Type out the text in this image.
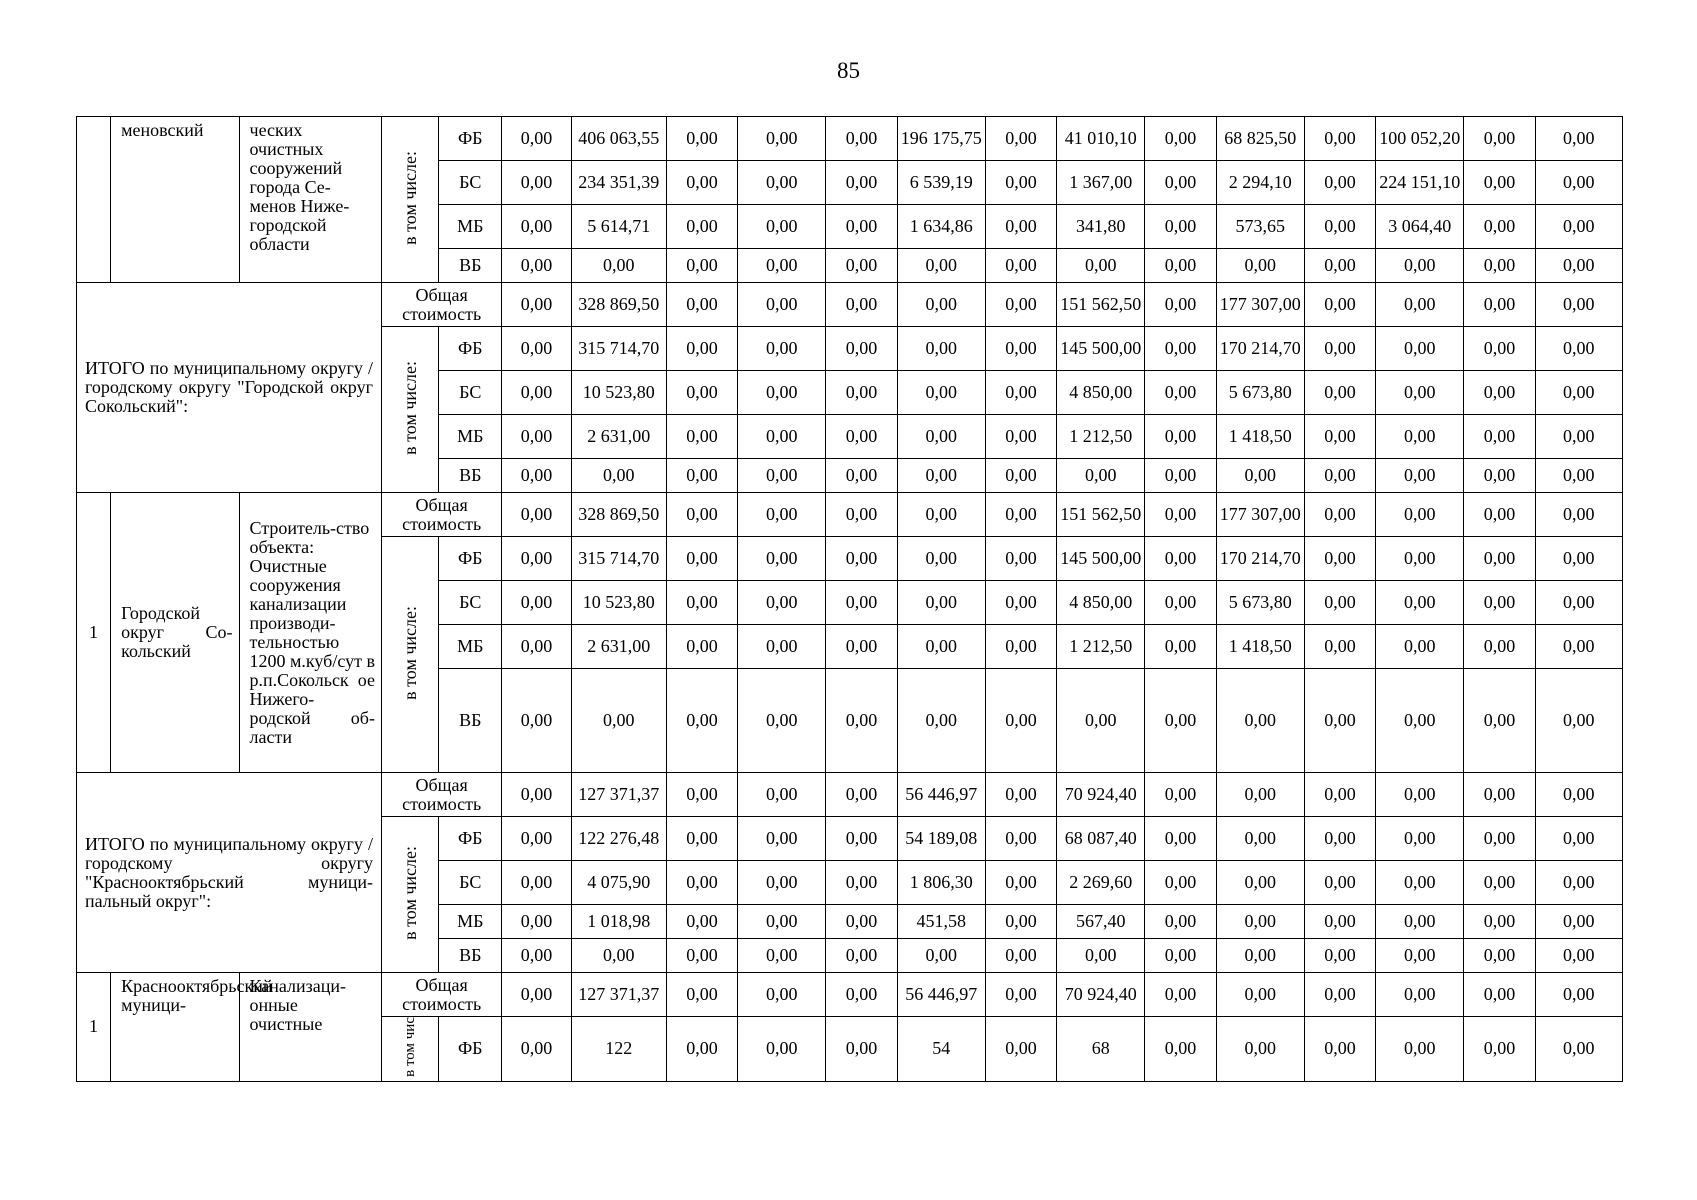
85
	меновский	ческих очистных сооружений города Се-менов Ниже-городской области	в том числе:	ФБ	0,00	406 063,55	0,00	0,00	0,00	196 175,75	0,00	41 010,10	0,00	68 825,50	0,00	100 052,20	0,00	0,00
				БС	0,00	234 351,39	0,00	0,00	0,00	6 539,19	0,00	1 367,00	0,00	2 294,10	0,00	224 151,10	0,00	0,00
				МБ	0,00	5 614,71	0,00	0,00	0,00	1 634,86	0,00	341,80	0,00	573,65	0,00	3 064,40	0,00	0,00
				ВБ	0,00	0,00	0,00	0,00	0,00	0,00	0,00	0,00	0,00	0,00	0,00	0,00	0,00	0,00

ИТОГО по муниципальному округу / городскому округу "Городской округ Сокольский":			Общая стоимость		0,00	328 869,50	0,00	0,00	0,00	0,00	0,00	151 562,50	0,00	177 307,00	0,00	0,00	0,00	0,00
			в том числе:	ФБ	0,00	315 714,70	0,00	0,00	0,00	0,00	0,00	145 500,00	0,00	170 214,70	0,00	0,00	0,00	0,00
				БС	0,00	10 523,80	0,00	0,00	0,00	0,00	0,00	4 850,00	0,00	5 673,80	0,00	0,00	0,00	0,00
				МБ	0,00	2 631,00	0,00	0,00	0,00	0,00	0,00	1 212,50	0,00	1 418,50	0,00	0,00	0,00	0,00
				ВБ	0,00	0,00	0,00	0,00	0,00	0,00	0,00	0,00	0,00	0,00	0,00	0,00	0,00	0,00
1	Городской округ Со-кольский	Строитель-ство объекта: Очистные сооружения канализации производи-тельностью 1200 м.куб/сут в р.п.Сокольск ое Нижего-родской об-ласти	Общая стоимость		0,00	328 869,50	0,00	0,00	0,00	0,00	0,00	151 562,50	0,00	177 307,00	0,00	0,00	0,00	0,00
			в том числе:	ФБ	0,00	315 714,70	0,00	0,00	0,00	0,00	0,00	145 500,00	0,00	170 214,70	0,00	0,00	0,00	0,00
				БС	0,00	10 523,80	0,00	0,00	0,00	0,00	0,00	4 850,00	0,00	5 673,80	0,00	0,00	0,00	0,00
				МБ	0,00	2 631,00	0,00	0,00	0,00	0,00	0,00	1 212,50	0,00	1 418,50	0,00	0,00	0,00	0,00
				ВБ	0,00	0,00	0,00	0,00	0,00	0,00	0,00	0,00	0,00	0,00	0,00	0,00	0,00	0,00

ИТОГО по муниципальному округу / городскому округу "Краснооктябрьский муници-пальный округ":			Общая стоимость		0,00	127 371,37	0,00	0,00	0,00	56 446,97	0,00	70 924,40	0,00	0,00	0,00	0,00	0,00	0,00
			в том числе:	ФБ	0,00	122 276,48	0,00	0,00	0,00	54 189,08	0,00	68 087,40	0,00	0,00	0,00	0,00	0,00	0,00
				БС	0,00	4 075,90	0,00	0,00	0,00	1 806,30	0,00	2 269,60	0,00	0,00	0,00	0,00	0,00	0,00
				МБ	0,00	1 018,98	0,00	0,00	0,00	451,58	0,00	567,40	0,00	0,00	0,00	0,00	0,00	0,00
				ВБ	0,00	0,00	0,00	0,00	0,00	0,00	0,00	0,00	0,00	0,00	0,00	0,00	0,00	0,00
1	Краснооктябрьский муници-	Канализаци-онные очистные	Общая стоимость		0,00	127 371,37	0,00	0,00	0,00	56 446,97	0,00	70 924,40	0,00	0,00	0,00	0,00	0,00	0,00
			в том чис	ФБ	0,00	122	0,00	0,00	0,00	54	0,00	68	0,00	0,00	0,00	0,00	0,00	0,00
